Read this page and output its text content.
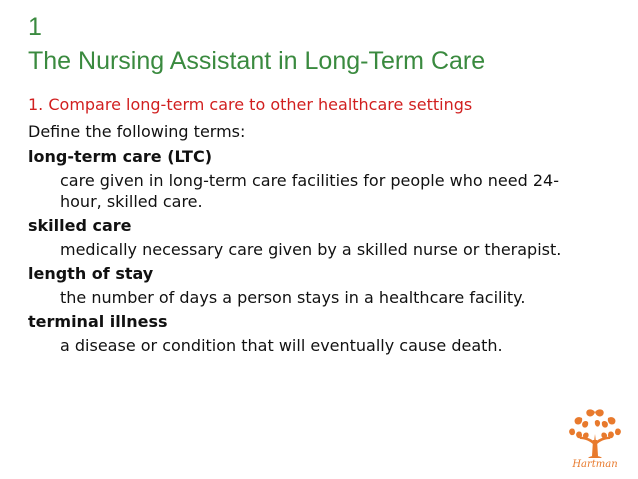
1
The Nursing Assistant in Long-Term Care
1. Compare long-term care to other healthcare settings
Define the following terms:

long-term care (LTC)

care given in long-term care facilities for people who need 24-hour, skilled care.

skilled care

medically necessary care given by a skilled nurse or therapist.

length of stay

the number of days a person stays in a healthcare facility.

terminal illness

a disease or condition that will eventually cause death.

Hartman
